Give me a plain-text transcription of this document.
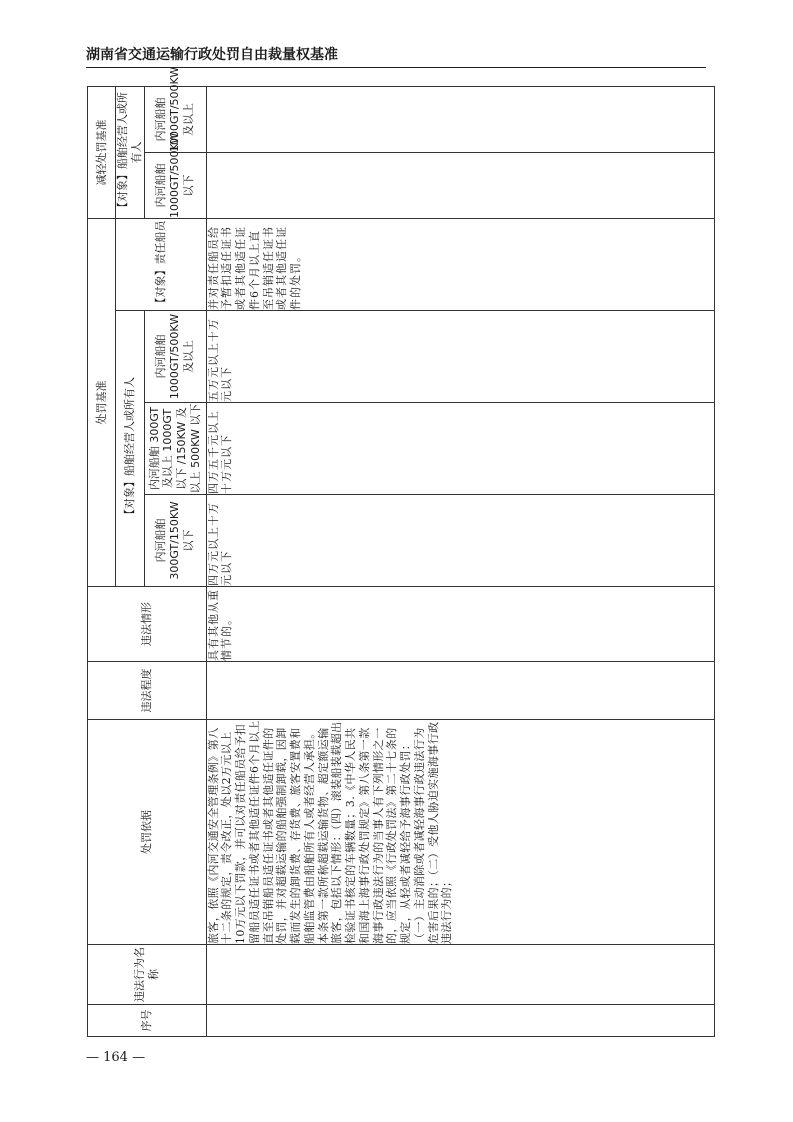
湖南省交通运输行政处罚自由裁量权基准
序号	违法行为名称	处罚依据	违法程度	违法情形	处罚基准				减轻处罚基准	
					【对象】船舶经营人或所有人			【对象】责任船员	【对象】船舶经营人或所有人	
					内河船舶 300GT/150KW 以下	内河船舶 300GT 及以上 1000GT 以下 /150KW 及以上 500KW 以下	内河船舶 1000GT/500KW 及以上		内河船舶 1000GT/500KW 以下	内河船舶 1000GT/500KW 及以上
		旅客，依照《内河交通安全管理条例》第八十二条的规定，责令改正，处以2万元以上10万元以下罚款，并可以对责任船员给予扣留船员适任证书或者其他适任证件6个月以上直至吊销船员适任证书或者其他适任证件的处罚，并对超载运输的船舶强制卸载，因卸载而发生的卸货费、存货费、旅客安置费和船舶监管费由船舶所有人或者经营人承担。本条第一款所称超载运输货物、超定额运输旅客，包括以下情形：（四）滚装船装载超出检验证书核定的车辆数量；3.《中华人民共和国海上海事行政处罚规定》第八条第一款 海事行政违法行为的当事人有下列情形之一的，应当依照《行政处罚法》第二十七条的规定，从轻或者减轻给予海事行政处罚：（一）主动消除或者减轻海事行政违法行为危害后果的；（二）受他人胁迫实施海事行政违法行为的；		具有其他从重情节的。	四万元以上十万元以下	四万五千元以上十万元以下	五万元以上十万元以下	并对责任船员给予暂扣适任证书或者其他适任证件6个月以上直至吊销适任证书或者其他适任证件的处罚。		
— 164 —
